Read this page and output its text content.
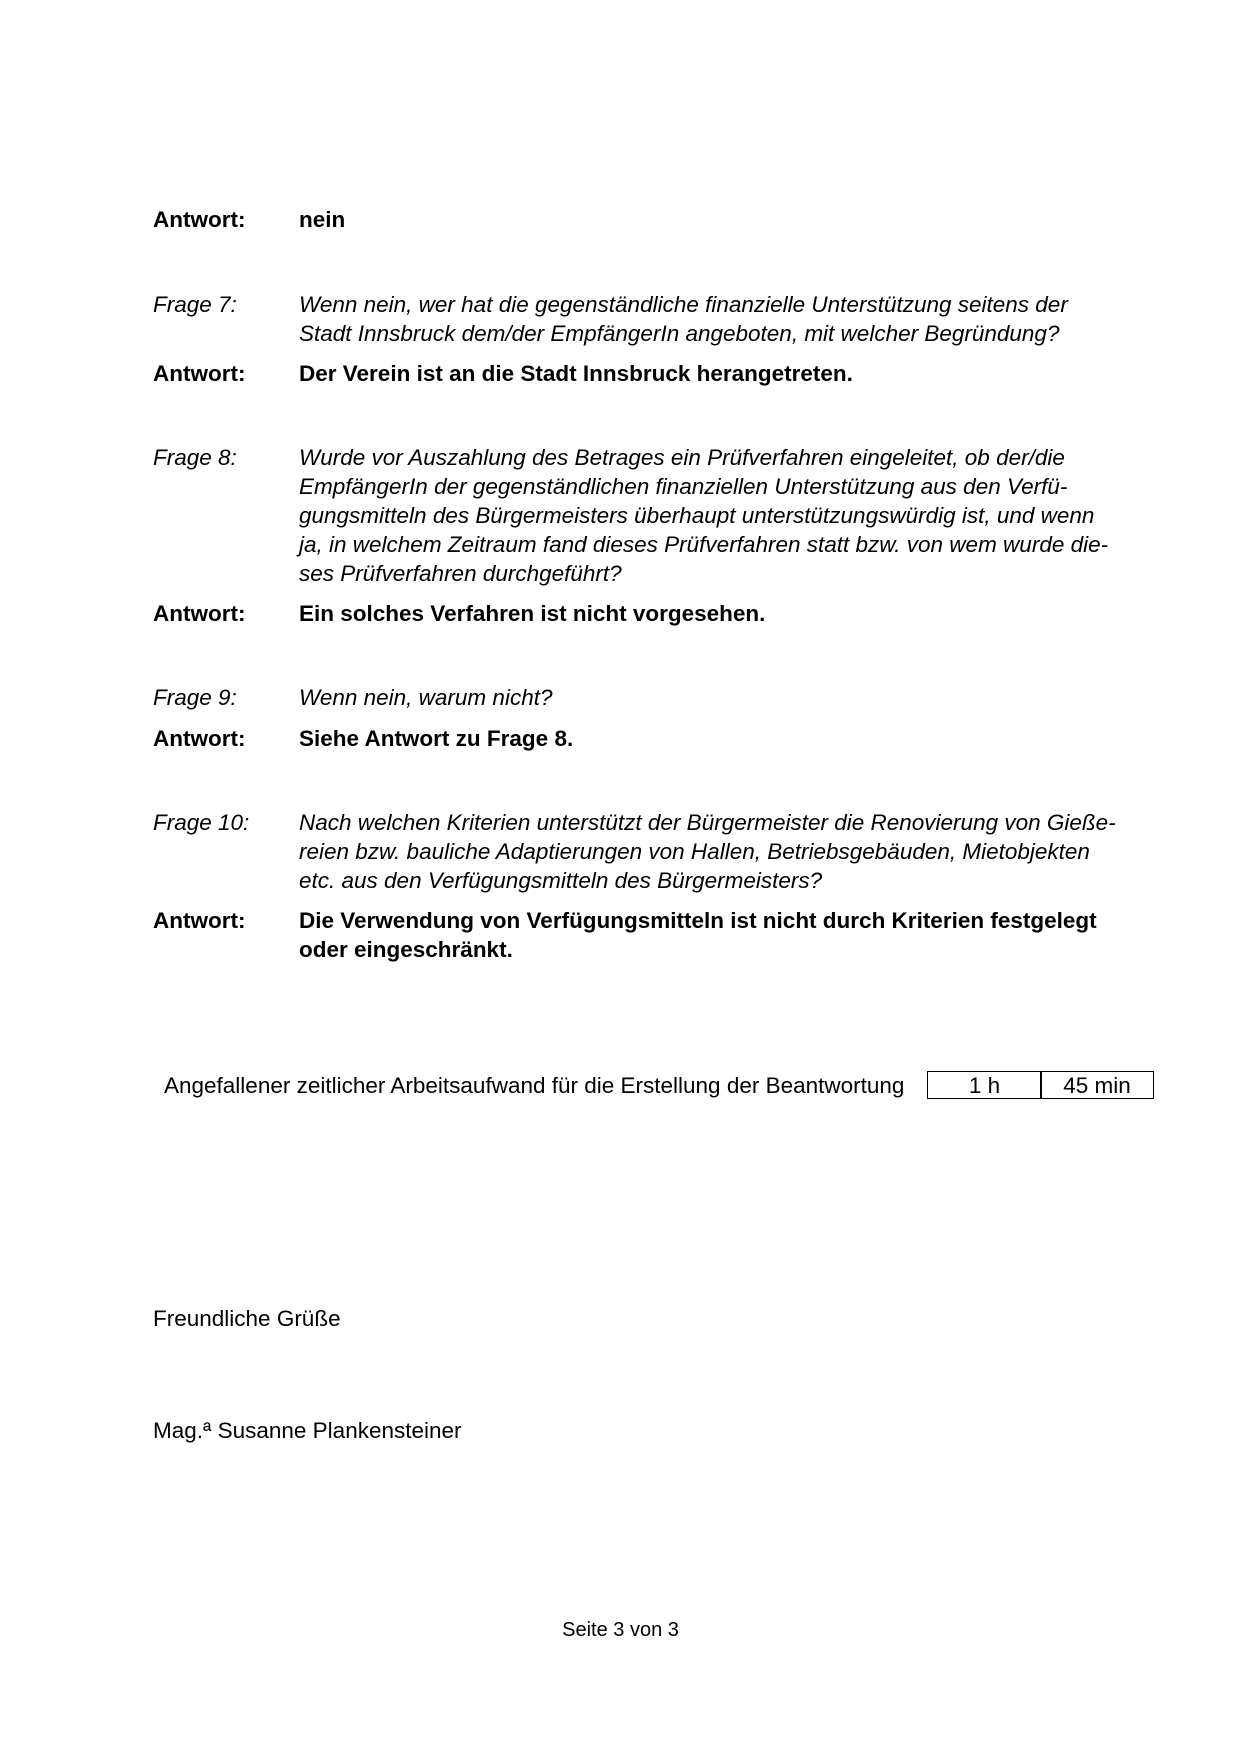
Antwort:	nein
Frage 7:	Wenn nein, wer hat die gegenständliche finanzielle Unterstützung seitens der
Stadt Innsbruck dem/der EmpfängerIn angeboten, mit welcher Begründung?
Antwort:	Der Verein ist an die Stadt Innsbruck herangetreten.
Frage 8:	Wurde vor Auszahlung des Betrages ein Prüfverfahren eingeleitet, ob der/die
EmpfängerIn der gegenständlichen finanziellen Unterstützung aus den Verfü-
gungsmitteln des Bürgermeisters überhaupt unterstützungswürdig ist, und wenn
ja, in welchem Zeitraum fand dieses Prüfverfahren statt bzw. von wem wurde die-
ses Prüfverfahren durchgeführt?
Antwort:	Ein solches Verfahren ist nicht vorgesehen.
Frage 9:	Wenn nein, warum nicht?
Antwort:	Siehe Antwort zu Frage 8.
Frage 10:	Nach welchen Kriterien unterstützt der Bürgermeister die Renovierung von Gieße-
reien bzw. bauliche Adaptierungen von Hallen, Betriebsgebäuden, Mietobjekten
etc. aus den Verfügungsmitteln des Bürgermeisters?
Antwort:	Die Verwendung von Verfügungsmitteln ist nicht durch Kriterien festgelegt
oder eingeschränkt.
Angefallener zeitlicher Arbeitsaufwand für die Erstellung der Beantwortung	1 h	45 min
Freundliche Grüße
Mag.ª Susanne Plankensteiner
Seite 3 von 3
